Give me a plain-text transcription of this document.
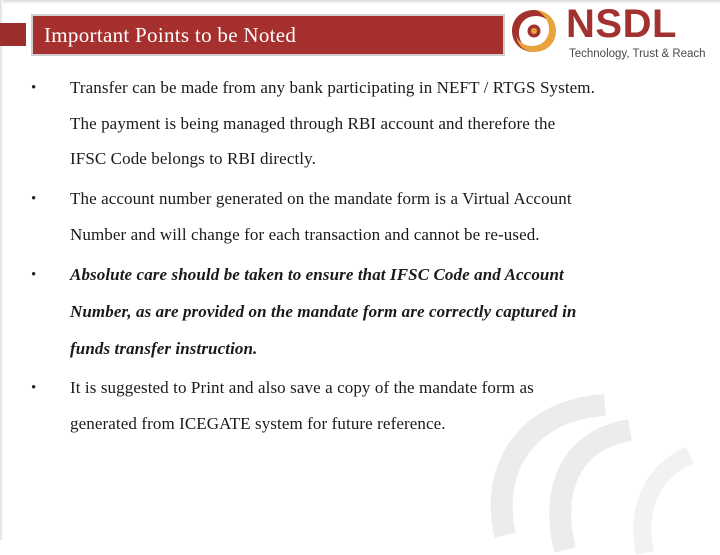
Important Points to be Noted	NSDL
Technology, Trust & Reach
• Transfer can be made from any bank participating in NEFT / RTGS System.
The payment is being managed through RBI account and therefore the
IFSC Code belongs to RBI directly.
• The account number generated on the mandate form is a Virtual Account
Number and will change for each transaction and cannot be re-used.
• Absolute care should be taken to ensure that IFSC Code and Account
Number, as are provided on the mandate form are correctly captured in
funds transfer instruction.
• It is suggested to Print and also save a copy of the mandate form as
generated from ICEGATE system for future reference.
